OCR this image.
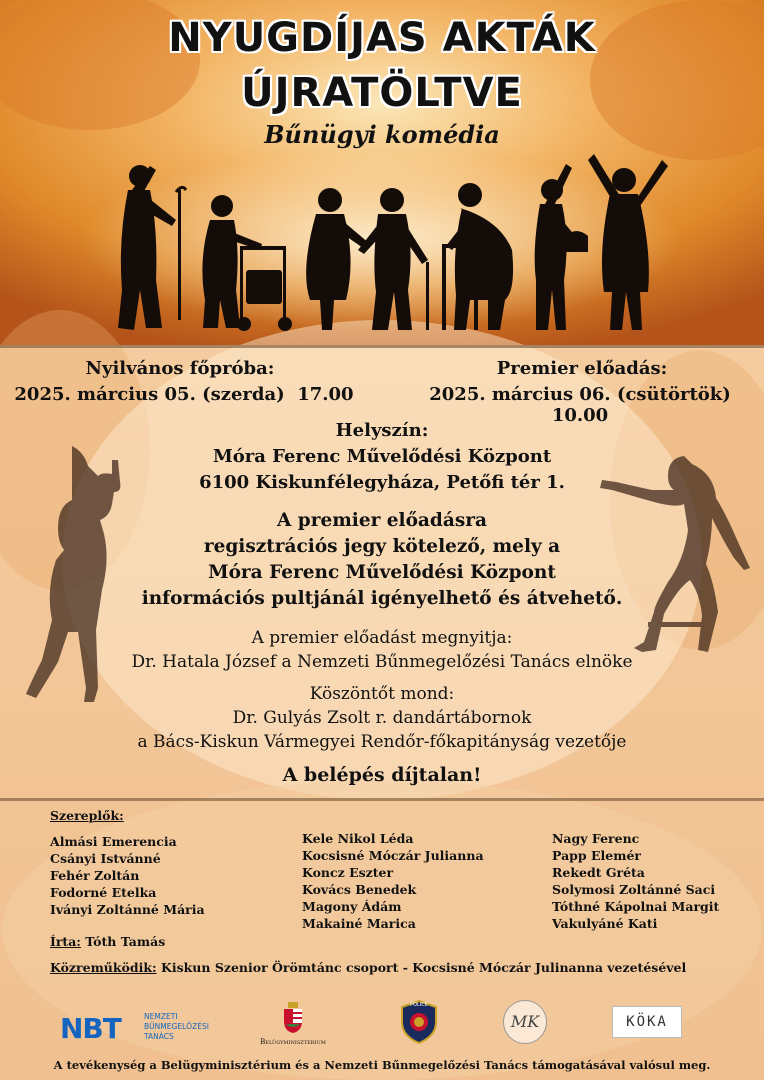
NYUGDÍJAS AKTÁK
ÚJRATÖLTVE
Bűnügyi komédia
Nyilvános főpróba:
2025. március 05. (szerda)  17.00
Premier előadás:
2025. március 06. (csütörtök) 10.00
Helyszín:
Móra Ferenc Művelődési Központ
6100 Kiskunfélegyháza, Petőfi tér 1.
A premier előadásra
regisztrációs jegy kötelező, mely a
Móra Ferenc Művelődési Központ
információs pultjánál igényelhető és átvehető.
A premier előadást megnyitja:
Dr. Hatala József a Nemzeti Bűnmegelőzési Tanács elnöke
Köszöntőt mond:
Dr. Gulyás Zsolt r. dandártábornok
a Bács-Kiskun Vármegyei Rendőr-főkapitányság vezetője
A belépés díjtalan!
Szereplők:
Almási Emerencia
Csányi Istvánné
Fehér Zoltán
Fodorné Etelka
Iványi Zoltánné Mária
Kele Nikol Léda
Kocsisné Móczár Julianna
Koncz Eszter
Kovács Benedek
Magony Ádám
Makainé Marica
Nagy Ferenc
Papp Elemér
Rekedt Gréta
Solymosi Zoltánné Saci
Tóthné Kápolnai Margit
Vakulyáné Kati
Írta: Tóth Tamás
Közreműködik: Kiskun Szenior Örömtánc csoport - Kocsisné Móczár Julinanna vezetésével
NBT	NEMZETI
BŰNMEGELŐZÉSI
TANÁCS
Belügyminisztérium
POLICE
MK	KÖKA
A tevékenység a Belügyminisztérium és a Nemzeti Bűnmegelőzési Tanács támogatásával valósul meg.
